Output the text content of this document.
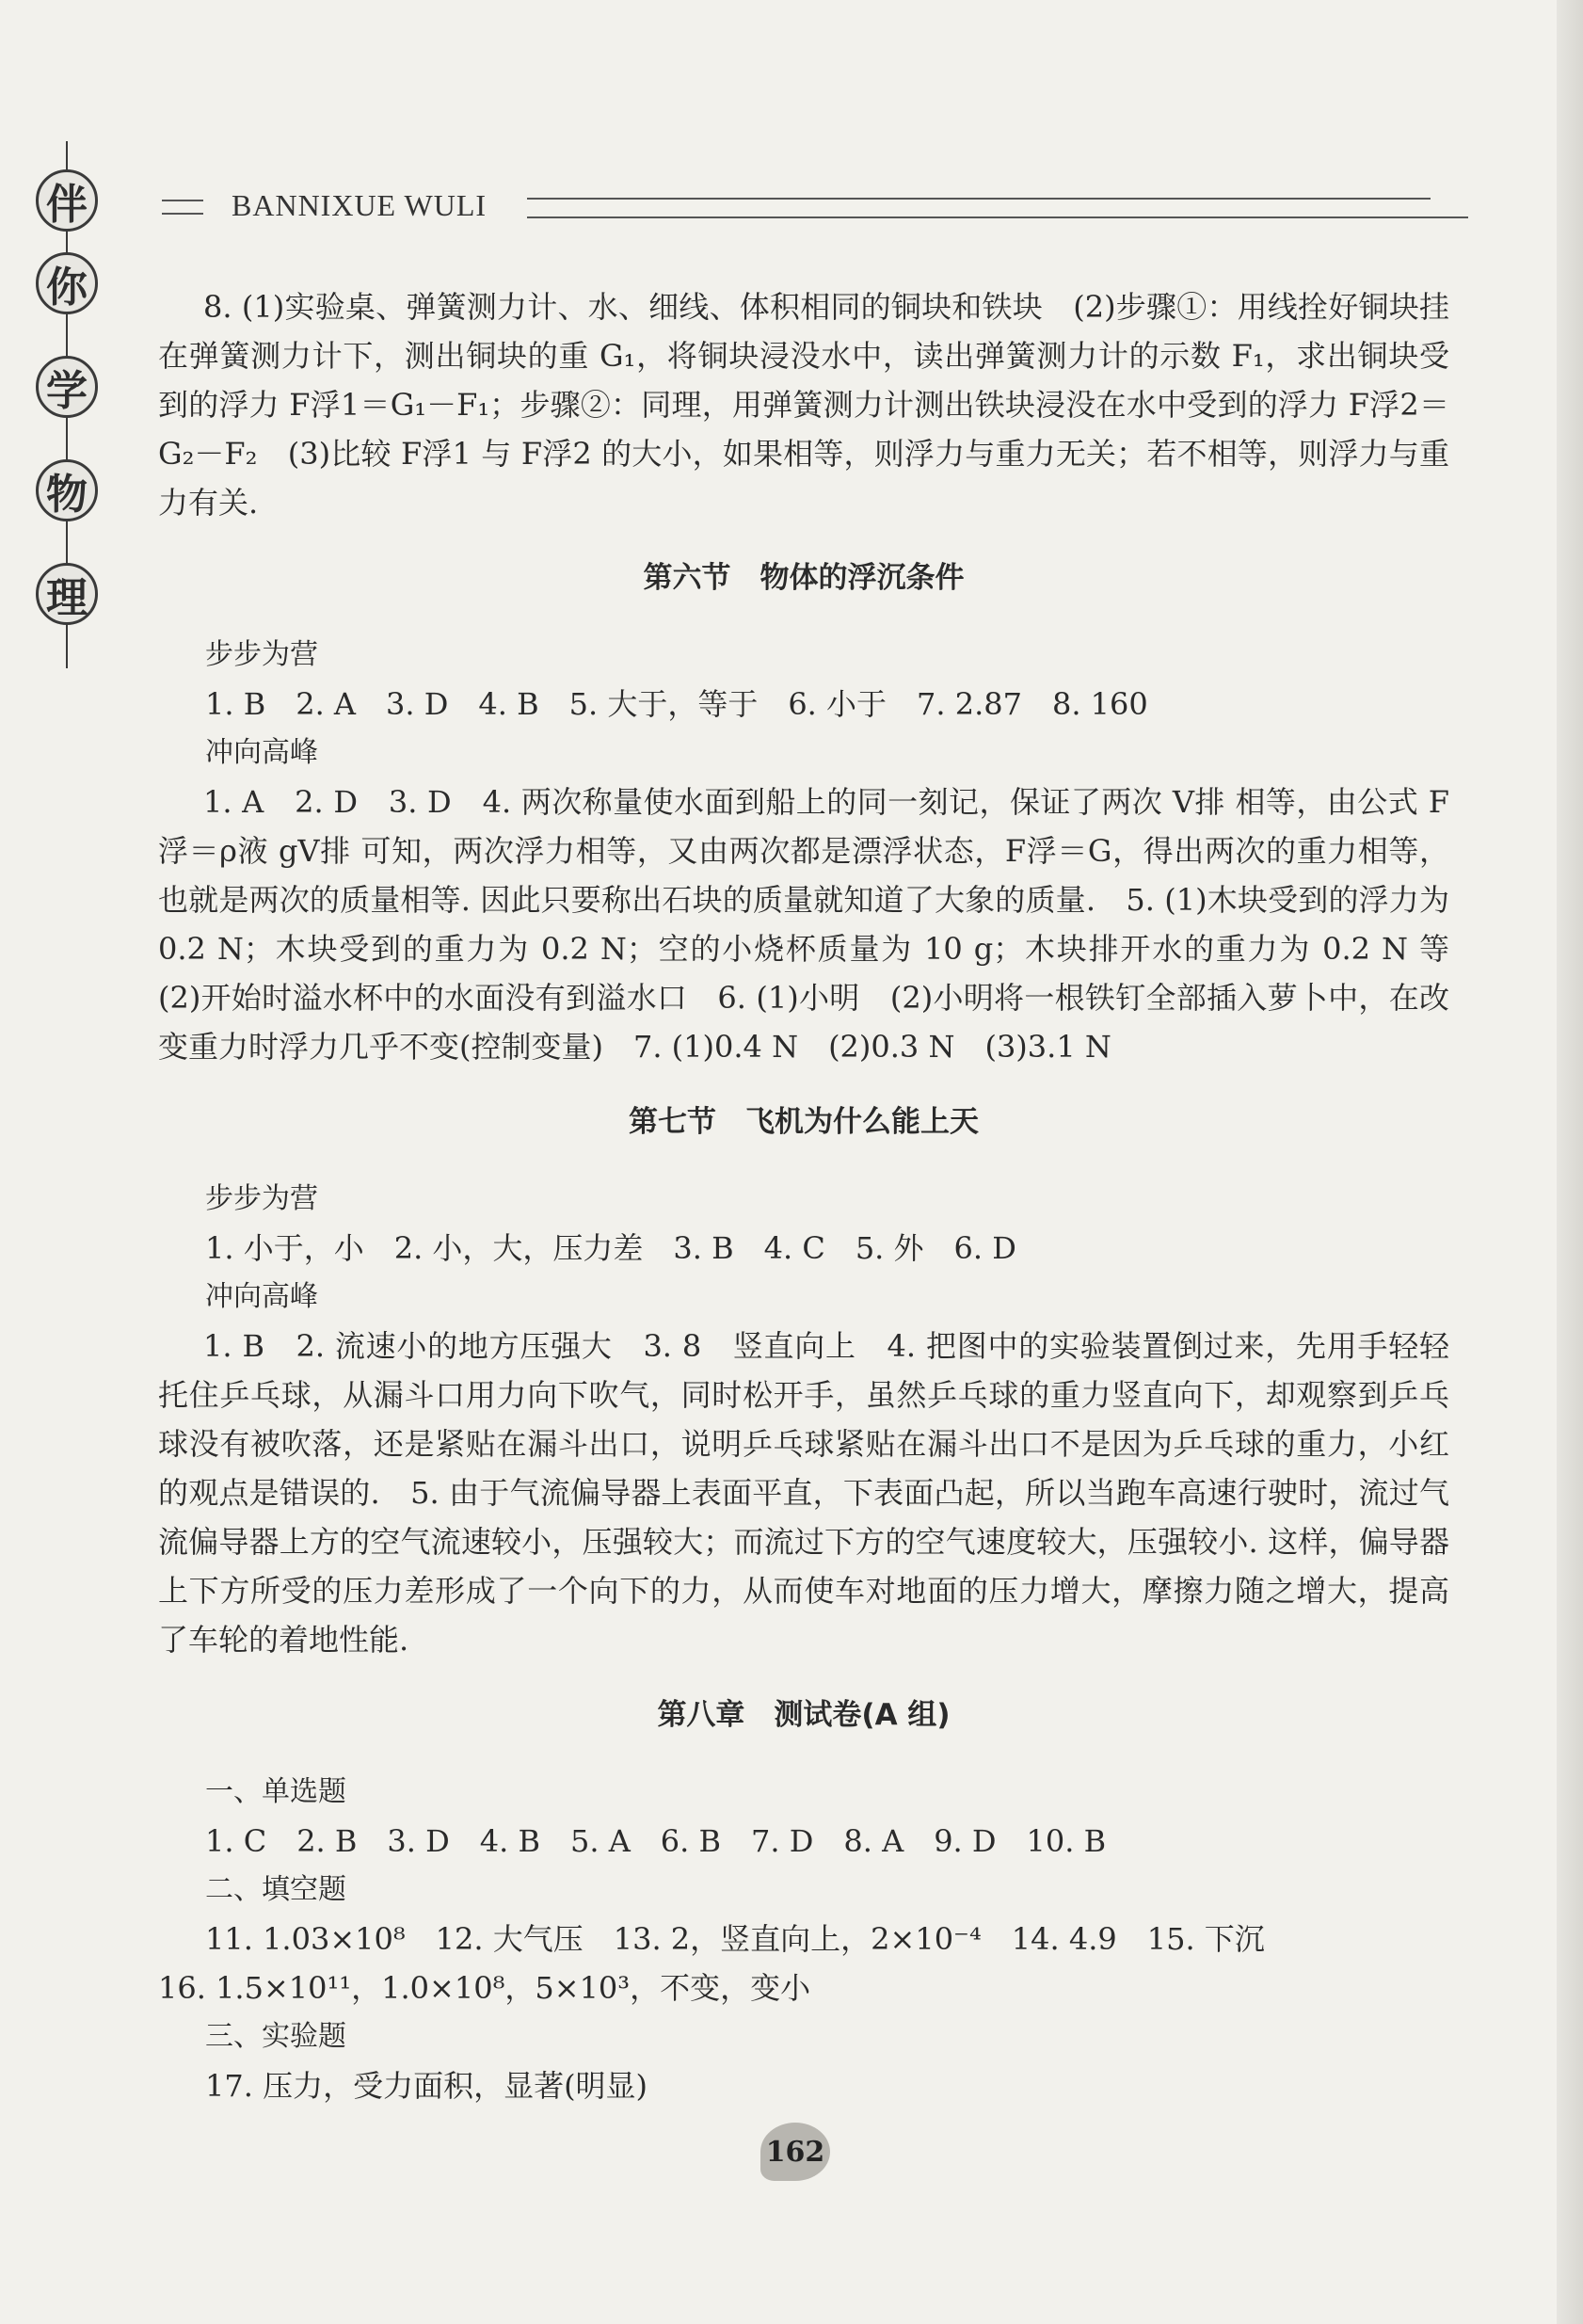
伴
你
学
物
理
BANNIXUE WULI

8. (1)实验桌、弹簧测力计、水、细线、体积相同的铜块和铁块　(2)步骤①：用线拴好铜块挂在弹簧测力计下，测出铜块的重 G₁，将铜块浸没水中，读出弹簧测力计的示数 F₁，求出铜块受到的浮力 F浮1＝G₁－F₁；步骤②：同理，用弹簧测力计测出铁块浸没在水中受到的浮力 F浮2＝G₂－F₂　(3)比较 F浮1 与 F浮2 的大小，如果相等，则浮力与重力无关；若不相等，则浮力与重力有关.

第六节　物体的浮沉条件

步步为营

1. B　2. A　3. D　4. B　5. 大于，等于　6. 小于　7. 2.87　8. 160

冲向高峰

1. A　2. D　3. D　4. 两次称量使水面到船上的同一刻记，保证了两次 V排 相等，由公式 F浮＝ρ液 gV排 可知，两次浮力相等，又由两次都是漂浮状态，F浮＝G，得出两次的重力相等，也就是两次的质量相等. 因此只要称出石块的质量就知道了大象的质量.　5. (1)木块受到的浮力为 0.2 N；木块受到的重力为 0.2 N；空的小烧杯质量为 10 g；木块排开水的重力为 0.2 N 等　(2)开始时溢水杯中的水面没有到溢水口　6. (1)小明　(2)小明将一根铁钉全部插入萝卜中，在改变重力时浮力几乎不变(控制变量)　7. (1)0.4 N　(2)0.3 N　(3)3.1 N

第七节　飞机为什么能上天

步步为营

1. 小于，小　2. 小，大，压力差　3. B　4. C　5. 外　6. D

冲向高峰

1. B　2. 流速小的地方压强大　3. 8　竖直向上　4. 把图中的实验装置倒过来，先用手轻轻托住乒乓球，从漏斗口用力向下吹气，同时松开手，虽然乒乓球的重力竖直向下，却观察到乒乓球没有被吹落，还是紧贴在漏斗出口，说明乒乓球紧贴在漏斗出口不是因为乒乓球的重力，小红的观点是错误的.　5. 由于气流偏导器上表面平直，下表面凸起，所以当跑车高速行驶时，流过气流偏导器上方的空气流速较小，压强较大；而流过下方的空气速度较大，压强较小. 这样，偏导器上下方所受的压力差形成了一个向下的力，从而使车对地面的压力增大，摩擦力随之增大，提高了车轮的着地性能.

第八章　测试卷(A 组)

一、单选题

1. C　2. B　3. D　4. B　5. A　6. B　7. D　8. A　9. D　10. B

二、填空题

11. 1.03×10⁸　12. 大气压　13. 2，竖直向上，2×10⁻⁴　14. 4.9　15. 下沉

16. 1.5×10¹¹，1.0×10⁸，5×10³，不变，变小

三、实验题

17. 压力，受力面积，显著(明显)

162
